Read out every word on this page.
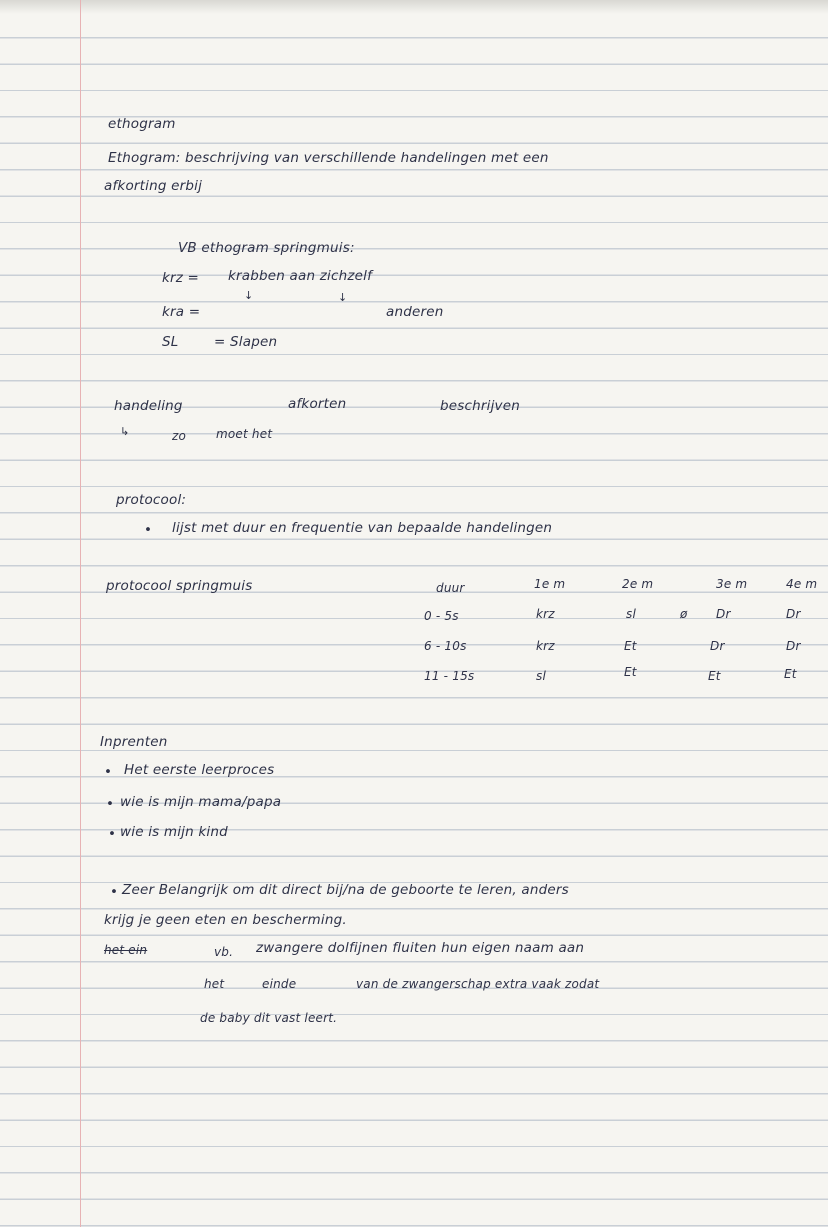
ethogram
Ethogram: beschrijving van verschillende handelingen met een
afkorting erbij
VB ethogram springmuis:
krz = krabben aan zichzelf
↓	↓
kra =	anderen
SL	= Slapen
handeling	afkorten	beschrijven
↳	zo moet het
protocool:
• lijst met duur en frequentie van bepaalde handelingen
protocool springmuis	duur	1e m	2e m	3e m	4e m
0 - 5s	krz	sl	ø Dr	Dr
6 - 10s	krz	Et	Dr	Dr
11 - 15s	sl	Et	Et	Et
Inprenten
• Het eerste leerproces
• wie is mijn mama/papa
• wie is mijn kind
• Zeer Belangrijk om dit direct bij/na de geboorte te leren, anders
krijg je geen eten en bescherming.
het ein	vb. zwangere dolfijnen fluiten hun eigen naam aan
het	einde	van de zwangerschap extra vaak zodat
de baby dit vast leert.
